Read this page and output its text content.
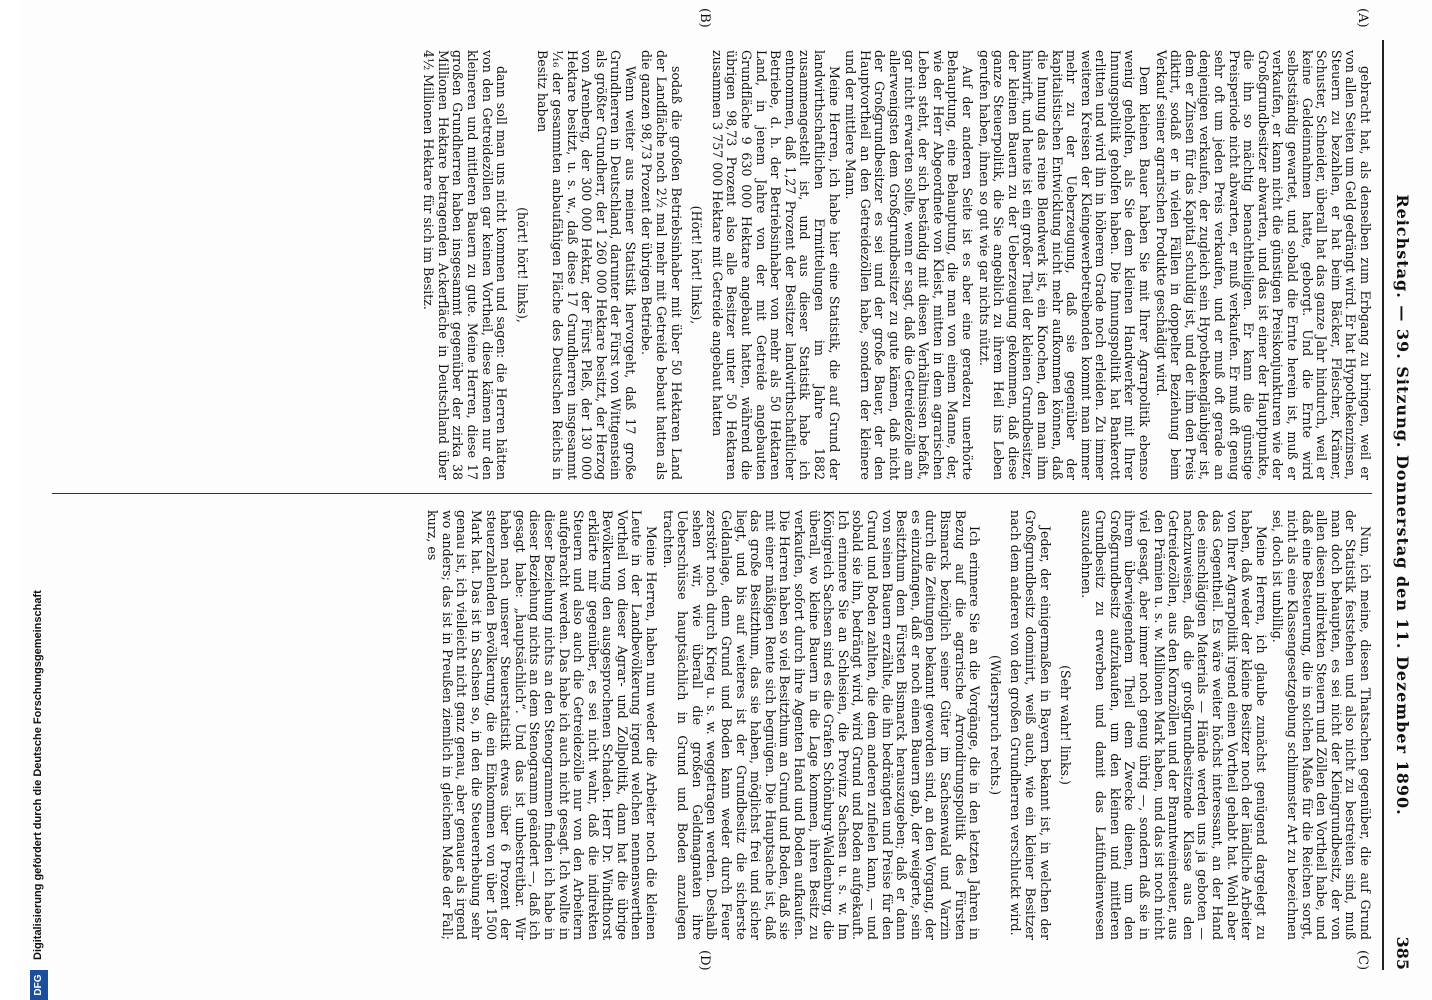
Reichstag. — 39. Sitzung. Donnerstag den 11. Dezember 1890.
385
(A)
(B)
(C)
(D)

gebracht hat, als denselben zum Erbgang zu bringen, weil er von allen Seiten um Geld gedrängt wird. Er hat Hypothekenzinsen, Steuern zu bezahlen, er hat beim Bäcker, Fleischer, Krämer, Schuster, Schneider, überall hat das ganze Jahr hindurch, weil er keine Geldeinnahmen hatte, geborgt. Und die Ernte wird selbstständig gewartet, und sobald die Ernte herein ist, muß er verkaufen, er kann nicht die günstigen Preiskonjunkturen wie der Großgrundbesitzer abwarten, und das ist einer der Hauptpunkte, die ihn so mächtig benachtheiligen. Er kann die günstige Preisperiode nicht abwarten, er muß verkaufen. Er muß oft genug sehr oft um jeden Preis verkaufen, und er muß oft gerade an denjenigen verkaufen, der zugleich sein Hypothekengläubiger ist, dem er Zinsen für das Kapital schuldig ist, und der ihm den Preis diktirt, sodaß er in vielen Fällen in doppelter Beziehung beim Verkauf seiner agrarischen Produkte geschädigt wird.

Dem kleinen Bauer haben Sie mit Ihrer Agrarpolitik ebenso wenig geholfen, als Sie dem kleinen Handwerker mit Ihrer Innungspolitik geholfen haben. Die Innungspolitik hat Bankerott erlitten und wird ihn in höherem Grade noch erleiden. Zu immer weiteren Kreisen der Kleingewerbetreibenden kommt man immer mehr zu der Ueberzeugung, daß sie gegenüber der kapitalistischen Entwicklung nicht mehr aufkommen können, daß die Innung das reine Blendwerk ist, ein Knochen, den man ihm hinwirft, und heute ist ein großer Theil der kleinen Grundbesitzer, der kleinen Bauern zu der Ueberzeugung gekommen, daß diese ganze Steuerpolitik, die Sie angeblich zu ihrem Heil ins Leben gerufen haben, ihnen so gut wie gar nichts nützt.

Auf der anderen Seite ist es aber eine geradezu unerhörte Behauptung, eine Behauptung, die man von einem Manne, der, wie der Herr Abgeordnete von Kleist, mitten in dem agrarischen Leben steht, der sich beständig mit diesen Verhältnissen befaßt, gar nicht erwarten sollte, wenn er sagt, daß die Getreidezölle am allerwenigsten dem Großgrundbesitzer zu gute kämen, daß nicht der Großgrundbesitzer es sei und der große Bauer, der den Hauptvortheil an den Getreidezöllen habe, sondern der kleinere und der mittlere Mann.

Meine Herren, ich habe hier eine Statistik, die auf Grund der landwirthschaftlichen Ermittelungen im Jahre 1882 zusammengestellt ist, und aus dieser Statistik habe ich entnommen, daß 1,27 Prozent der Besitzer landwirthschaftlicher Betriebe, d. h. der Betriebsinhaber von mehr als 50 Hektaren Land, in jenem Jahre von der mit Getreide angebauten Grundfläche 9 630 000 Hektare angebaut hatten, während die übrigen 98,73 Prozent also alle Besitzer unter 50 Hektaren zusammen 3 757 000 Hektare mit Getreide angebaut hatten

(Hört! hört! links),

sodaß die großen Betriebsinhaber mit über 50 Hektaren Land der Landfläche noch 2½ mal mehr mit Getreide bebaut hatten als die ganzen 98,73 Prozent der übrigen Betriebe.

Wenn weiter aus meiner Statistik hervorgeht, daß 17 große Grundherren in Deutschland, darunter der Fürst von Wittgenstein als größter Grundherr, der 1 260 000 Hektare besitzt, der Herzog von Arenberg, der 300 000 Hektar, der Fürst Pleß, der 130 000 Hektare besitzt, u. s. w., daß diese 17 Grundherren insgesammt ⅟₁₆ der gesammten anbaufähigen Fläche des Deutschen Reichs in Besitz haben

(hört! hört! links),

dann soll man uns nicht kommen und sagen: die Herren hätten von den Getreidezöllen gar keinen Vortheil, diese kämen nur den kleineren und mittleren Bauern zu gute. Meine Herren, diese 17 großen Grundherren haben insgesammt gegenüber der zirka 38 Millionen Hektare betragenden Ackerfläche in Deutschland über 4½ Millionen Hektare für sich im Besitz.

Nun, ich meine, diesen Thatsachen gegenüber, die auf Grund der Statistik feststehen und also nicht zu bestreiten sind, muß man doch behaupten, es sei nicht der Kleingrundbesitz, der von allen diesen indirekten Steuern und Zöllen den Vortheil habe, und daß eine Besteuerung, die in solchen Maße für die Reichen sorgt, nicht als eine Klassengesetzgebung schlimmster Art zu bezeichnen sei, doch ist unbillig.

Meine Herren, ich glaube zunächst genügend dargelegt zu haben, daß weder der kleine Besitzer noch der ländliche Arbeiter von Ihrer Agrarpolitik irgend einen Vortheil gehabt hat. Wohl aber das Gegentheil. Es wäre weiter höchst interessant, an der Hand des einschlägigen Materials — Hände werden uns ja geboten — nachzuweisen, daß die großgrundbesitzende Klasse aus den Getreidezöllen, aus den Kornzöllen und der Branntweinsteuer, aus den Prämien u. s. w. Millionen Mark haben, und das ist noch nicht viel gesagt, aber immer noch genug übrig —, sondern daß sie in ihrem überwiegendem Theil dem Zwecke dienen, um den Großgrundbesitz aufzukaufen, um den kleinen und mittleren Grundbesitz zu erwerben und damit das Latifundienwesen auszudehnen.

(Sehr wahr! links.)

Jeder, der einigermaßen in Bayern bekannt ist, in welchen der Großgrundbesitz dominirt, weiß auch, wie ein kleiner Besitzer nach dem anderen von den großen Grundherren verschluckt wird.

(Widerspruch rechts.)

Ich erinnere Sie an die Vorgänge, die in den letzten Jahren in Bezug auf die agrarische Arrondirungspolitik des Fürsten Bismarck bezüglich seiner Güter im Sachsenwald und Varzin durch die Zeitungen bekannt geworden sind, an den Vorgang, der es einzufangen, daß er noch einen Bauern gab, der weigerte, sein Besitzthum dem Fürsten Bismarck herauszugeben; daß er dann von seinen Bauern erzählte, die ihn bedrängten und Preise für den Grund und Boden zahlten, die dem anderen zufielen kann, — und sobald sie ihn, bedrängt wird, wird Grund und Boden aufgekauft. Ich erinnere Sie an Schlesien, die Provinz Sachsen u. s. w. Im Königreich Sachsen sind es die Grafen Schönburg-Waldenburg, die überall, wo kleine Bauern in die Lage kommen, ihren Besitz zu verkaufen, sofort durch ihre Agenten Hand und Boden aufkaufen. Die Herren haben so viel Besitzthum an Grund und Boden, daß sie mit einer mäßigen Rente sich begnügen. Die Hauptsache ist, daß das große Besitzthum, das sie haben, möglichst frei und sicher liegt, und bis auf weiteres ist der Grundbesitz die sicherste Geldanlage, denn Grund und Boden kann weder durch Feuer zerstört noch durch Krieg u. s. w. weggetragen werden. Deshalb sehen wir, wie überall die großen Geldmagnaten ihre Ueberschüsse hauptsächlich in Grund und Boden anzulegen trachten.

Meine Herren, haben nun weder die Arbeiter noch die kleinen Leute in der Landbevölkerung irgend welchen nennenswerthen Vortheil von dieser Agrar- und Zollpolitik, dann hat die übrige Bevölkerung den ausgesprochenen Schaden. Herr Dr. Windthorst erklärte mir gegenüber, es sei nicht wahr, daß die indirekten Steuern und also auch die Getreidezölle nur von den Arbeitern aufgebracht werden. Das habe ich auch nicht gesagt. Ich wollte in dieser Beziehung nichts an den Stenogrammen finden ich habe in dieser Beziehung nichts an dem Stenogramm geändert —, daß ich gesagt habe: „hauptsächlich“. Und das ist unbestreitbar. Wir haben nach unserer Steuerstatistik etwas über 6 Prozent der steuerzahlenden Bevölkerung, die ein Einkommen von über 1500 Mark hat. Das ist in Sachsen so, in den die Steuererhebung sehr genau ist, ich vielleicht nicht ganz genau, aber genauer als irgend wo anders; das ist in Preußen ziemlich in gleichem Maße der Fall; kurz, es

DFG
Digitalisierung gefördert durch die Deutsche Forschungsgemeinschaft
